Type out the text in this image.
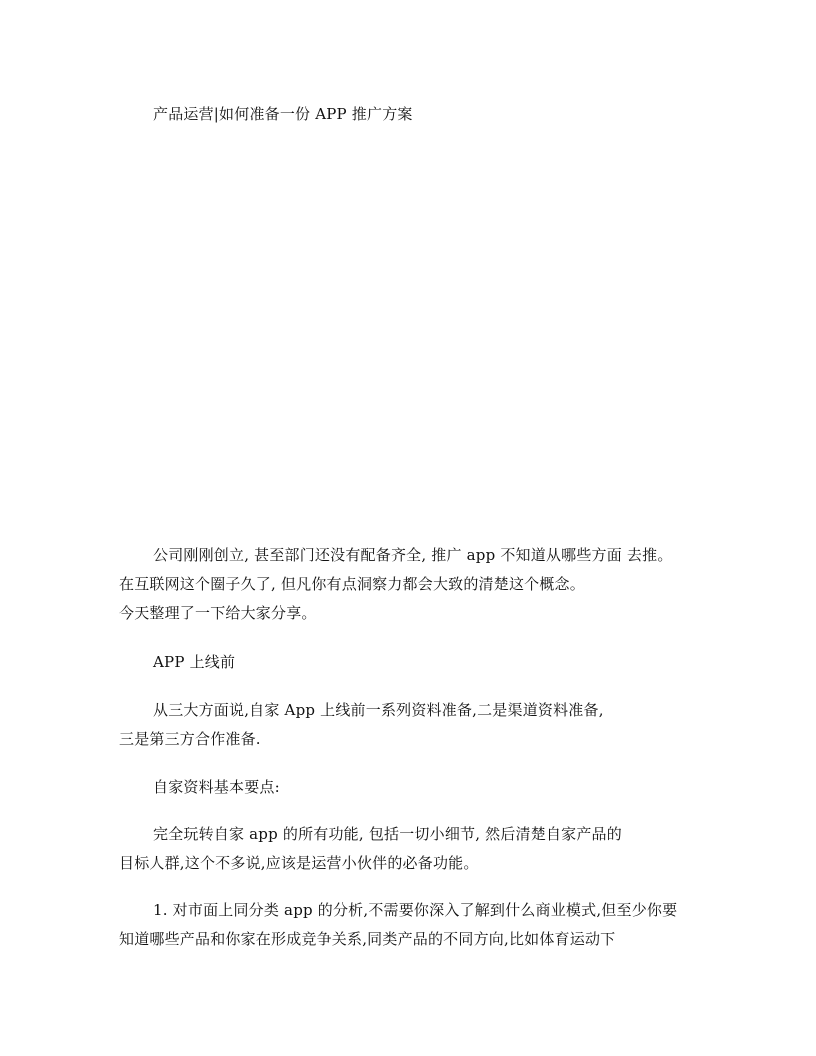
产品运营|如何准备一份 APP 推广方案
公司刚刚创立, 甚至部门还没有配备齐全, 推广 app 不知道从哪些方面 去推。
在互联网这个圈子久了, 但凡你有点洞察力都会大致的清楚这个概念。
今天整理了一下给大家分享。
APP 上线前
从三大方面说,自家 App 上线前一系列资料准备,二是渠道资料准备,
三是第三方合作准备.
自家资料基本要点:
完全玩转自家 app 的所有功能, 包括一切小细节, 然后清楚自家产品的
目标人群,这个不多说,应该是运营小伙伴的必备功能。
1. 对市面上同分类 app 的分析,不需要你深入了解到什么商业模式,但至少你要
知道哪些产品和你家在形成竞争关系,同类产品的不同方向,比如体育运动下
